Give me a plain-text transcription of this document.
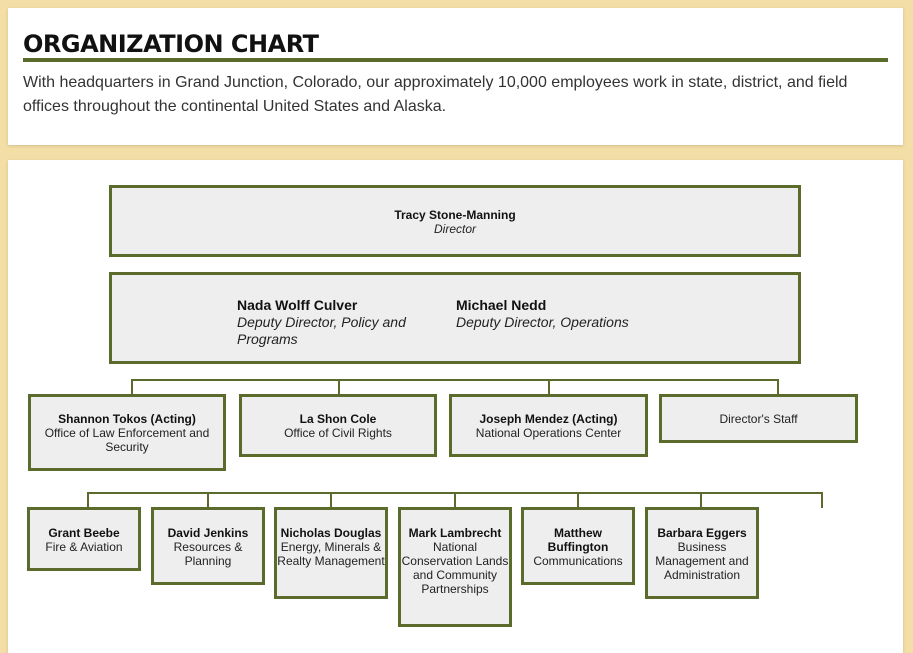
ORGANIZATION CHART

With headquarters in Grand Junction, Colorado, our approximately 10,000 employees work in state, district, and field offices throughout the continental United States and Alaska.

Tracy Stone-Manning
Director
Nada Wolff Culver
Deputy Director, Policy and Programs
Michael Nedd
Deputy Director, Operations
Shannon Tokos (Acting)
Office of Law Enforcement and Security
La Shon Cole
Office of Civil Rights
Joseph Mendez (Acting)
National Operations Center
Director's Staff
Grant Beebe
Fire & Aviation
David Jenkins
Resources & Planning
Nicholas Douglas
Energy, Minerals & Realty Management
Mark Lambrecht
National Conservation Lands and Community Partnerships
Matthew Buffington
Communications
Barbara Eggers
Business Management and Administration
